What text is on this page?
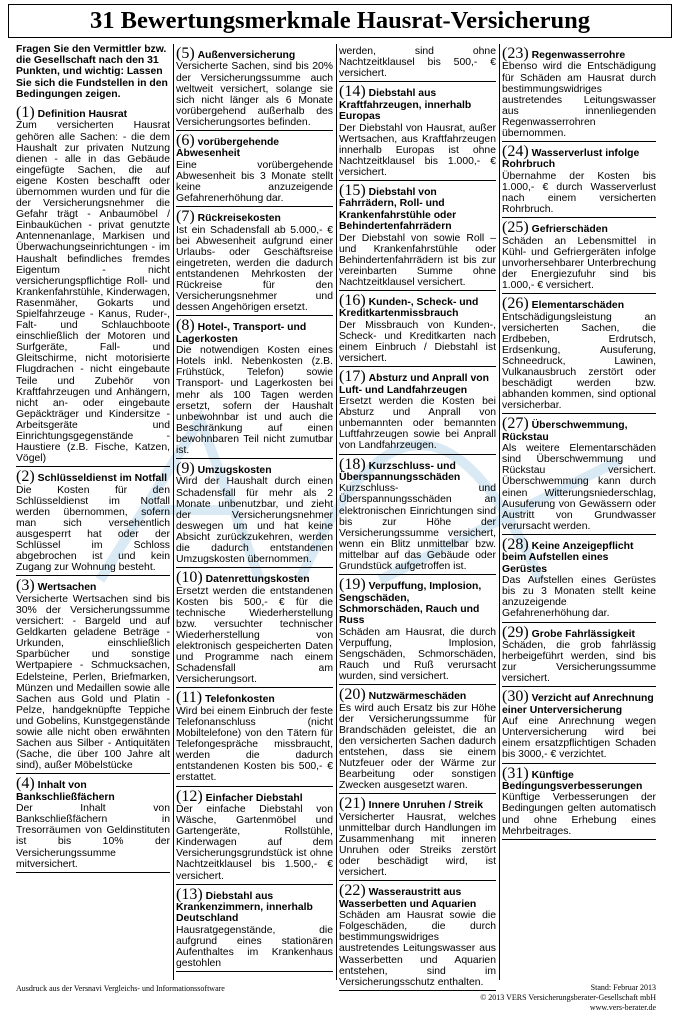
31 Bewertungsmerkmale Hausrat-Versicherung

Fragen Sie den Vermittler bzw. die Gesellschaft nach den 31 Punkten, und wichtig: Lassen Sie sich die Fundstellen in den Bedingungen zeigen.

(1) Definition Hausrat

Zum versicherten Hausrat gehören alle Sachen: - die dem Haushalt zur privaten Nutzung dienen - alle in das Gebäude eingefügte Sachen, die auf eigene Kosten beschafft oder übernommen wurden und für die der Versicherungsnehmer die Gefahr trägt - Anbaumöbel / Einbauküchen - privat genutzte Antennenanlage, Markisen und Überwachungseinrichtungen - im Haushalt befindliches fremdes Eigentum - nicht versicherungspflichtige Roll- und Krankenfahrstühle, Kinderwagen, Rasenmäher, Gokarts und Spielfahrzeuge - Kanus, Ruder-, Falt- und Schlauchboote einschließlich der Motoren und Surfgeräte, Fall- und Gleitschirme, nicht motorisierte Flugdrachen - nicht eingebaute Teile und Zubehör von Kraftfahrzeugen und Anhängern, nicht an- oder eingebaute Gepäckträger und Kindersitze - Arbeitsgeräte und Einrichtungsgegenstände - Haustiere (z.B. Fische, Katzen, Vögel)

(2) Schlüsseldienst im Notfall

Die Kosten für den Schlüsseldienst im Notfall werden übernommen, sofern man sich versehentlich ausgesperrt hat oder der Schlüssel im Schloss abgebrochen ist und kein Zugang zur Wohnung besteht.

(3) Wertsachen

Versicherte Wertsachen sind bis 30% der Versicherungssumme versichert: - Bargeld und auf Geldkarten geladene Beträge - Urkunden, einschließlich Sparbücher und sonstige Wertpapiere - Schmucksachen, Edelsteine, Perlen, Briefmarken, Münzen und Medaillen sowie alle Sachen aus Gold und Platin - Pelze, handgeknüpfte Teppiche und Gobelins, Kunstgegenstände sowie alle nicht oben erwähnten Sachen aus Silber - Antiquitäten (Sache, die über 100 Jahre alt sind), außer Möbelstücke

(4) Inhalt von Bankschließfächern

Der Inhalt von Bankschließfächern in Tresorräumen von Geldinstituten ist bis 10% der Versicherungssumme mitversichert.

(5) Außenversicherung

Versicherte Sachen, sind bis 20% der Versicherungssumme auch weltweit versichert, solange sie sich nicht länger als 6 Monate vorübergehend außerhalb des Versicherungsortes befinden.

(6) vorübergehende Abwesenheit

Eine vorübergehende Abwesenheit bis 3 Monate stellt keine anzuzeigende Gefahrenerhöhung dar.

(7) Rückreisekosten

Ist ein Schadensfall ab 5.000,- € bei Abwesenheit aufgrund einer Urlaubs- oder Geschäftsreise eingetreten, werden die dadurch entstandenen Mehrkosten der Rückreise für den Versicherungsnehmer und dessen Angehörigen ersetzt.

(8) Hotel-, Transport- und Lagerkosten

Die notwendigen Kosten eines Hotels inkl. Nebenkosten (z.B. Frühstück, Telefon) sowie Transport- und Lagerkosten bei mehr als 100 Tagen werden ersetzt, sofern der Haushalt unbewohnbar ist und auch die Beschränkung auf einen bewohnbaren Teil nicht zumutbar ist.

(9) Umzugskosten

Wird der Haushalt durch einen Schadensfall für mehr als 2 Monate unbenutzbar, und zieht der Versicherungsnehmer deswegen um und hat keine Absicht zurückzukehren, werden die dadurch entstandenen Umzugskosten übernommen.

(10) Datenrettungskosten

Ersetzt werden die entstandenen Kosten bis 500,- € für die technische Wiederherstellung bzw. versuchter technischer Wiederherstellung von elektronisch gespeicherten Daten und Programme nach einem Schadensfall am Versicherungsort.

(11) Telefonkosten

Wird bei einem Einbruch der feste Telefonanschluss (nicht Mobiltelefone) von den Tätern für Telefongespräche missbraucht, werden die dadurch entstandenen Kosten bis 500,- € erstattet.

(12) Einfacher Diebstahl

Der einfache Diebstahl von Wäsche, Gartenmöbel und Gartengeräte, Rollstühle, Kinderwagen auf dem Versicherungsgrundstück ist ohne Nachtzeitklausel bis 1.500,- € versichert.

(13) Diebstahl aus Krankenzimmern, innerhalb Deutschland

Hausratgegenstände, die aufgrund eines stationären Aufenthaltes im Krankenhaus gestohlen

werden, sind ohne Nachtzeitklausel bis 500,- € versichert.

(14) Diebstahl aus Kraftfahrzeugen, innerhalb Europas

Der Diebstahl von Hausrat, außer Wertsachen, aus Kraftfahrzeugen innerhalb Europas ist ohne Nachtzeitklausel bis 1.000,- € versichert.

(15) Diebstahl von Fahrrädern, Roll- und Krankenfahrstühle oder Behindertenfahrrädern

Der Diebstahl von sowie Roll – und Krankenfahrstühle oder Behindertenfahrrädern ist bis zur vereinbarten Summe ohne Nachtzeitklausel versichert.

(16) Kunden-, Scheck- und Kreditkartenmissbrauch

Der Missbrauch von Kunden-, Scheck- und Kreditkarten nach einem Einbruch / Diebstahl ist versichert.

(17) Absturz und Anprall von Luft- und Landfahrzeugen

Ersetzt werden die Kosten bei Absturz und Anprall von unbemannten oder bemannten Luftfahrzeugen sowie bei Anprall von Landfahrzeugen.

(18) Kurzschluss- und Überspannungsschäden

Kurzschluss- und Überspannungsschäden an elektronischen Einrichtungen sind bis zur Höhe der Versicherungssumme versichert, wenn ein Blitz unmittelbar bzw. mittelbar auf das Gebäude oder Grundstück aufgetroffen ist.

(19) Verpuffung, Implosion, Sengschäden, Schmorschäden, Rauch und Russ

Schäden am Hausrat, die durch Verpuffung, Implosion, Sengschäden, Schmorschäden, Rauch und Ruß verursacht wurden, sind versichert.

(20) Nutzwärmeschäden

Es wird auch Ersatz bis zur Höhe der Versicherungssumme für Brandschäden geleistet, die an den versicherten Sachen dadurch entstehen, dass sie einem Nutzfeuer oder der Wärme zur Bearbeitung oder sonstigen Zwecken ausgesetzt waren.

(21) Innere Unruhen / Streik

Versicherter Hausrat, welches unmittelbar durch Handlungen im Zusammenhang mit inneren Unruhen oder Streiks zerstört oder beschädigt wird, ist versichert.

(22) Wasseraustritt aus Wasserbetten und Aquarien

Schäden am Hausrat sowie die Folgeschäden, die durch bestimmungswidriges austretendes Leitungswasser aus Wasserbetten und Aquarien entstehen, sind im Versicherungsschutz enthalten.

(23) Regenwasserrohre

Ebenso wird die Entschädigung für Schäden am Hausrat durch bestimmungswidriges austretendes Leitungswasser aus innenliegenden Regenwasserrohren übernommen.

(24) Wasserverlust infolge Rohrbruch

Übernahme der Kosten bis 1.000,- € durch Wasserverlust nach einem versicherten Rohrbruch.

(25) Gefrierschäden

Schäden an Lebensmittel in Kühl- und Gefriergeräten infolge unvorhersehbarer Unterbrechung der Energiezufuhr sind bis 1.000,- € versichert.

(26) Elementarschäden

Entschädigungsleistung an versicherten Sachen, die Erdbeben, Erdrutsch, Erdsenkung, Ausuferung, Schneedruck, Lawinen, Vulkanausbruch zerstört oder beschädigt werden bzw. abhanden kommen, sind optional versicherbar.

(27) Überschwemmung, Rückstau

Als weitere Elementarschäden sind Überschwemmung und Rückstau versichert. Überschwemmung kann durch einen Witterungsniederschlag, Ausuferung von Gewässern oder Austritt von Grundwasser verursacht werden.

(28) Keine Anzeigepflicht beim Aufstellen eines Gerüstes

Das Aufstellen eines Gerüstes bis zu 3 Monaten stellt keine anzuzeigende Gefahrenerhöhung dar.

(29) Grobe Fahrlässigkeit

Schäden, die grob fahrlässig herbeigeführt werden, sind bis zur Versicherungssumme versichert.

(30) Verzicht auf Anrechnung einer Unterversicherung

Auf eine Anrechnung wegen Unterversicherung wird bei einem ersatzpflichtigen Schaden bis 3000,- € verzichtet.

(31) Künftige Bedingungsverbesserungen

Künftige Verbesserungen der Bedingungen gelten automatisch und ohne Erhebung eines Mehrbeitrages.

Ausdruck aus der Versnavi Vergleichs- und Informationssoftware	Stand: Februar 2013
© 2013 VERS Versicherungsberater-Gesellschaft mbH
www.vers-berater.de
